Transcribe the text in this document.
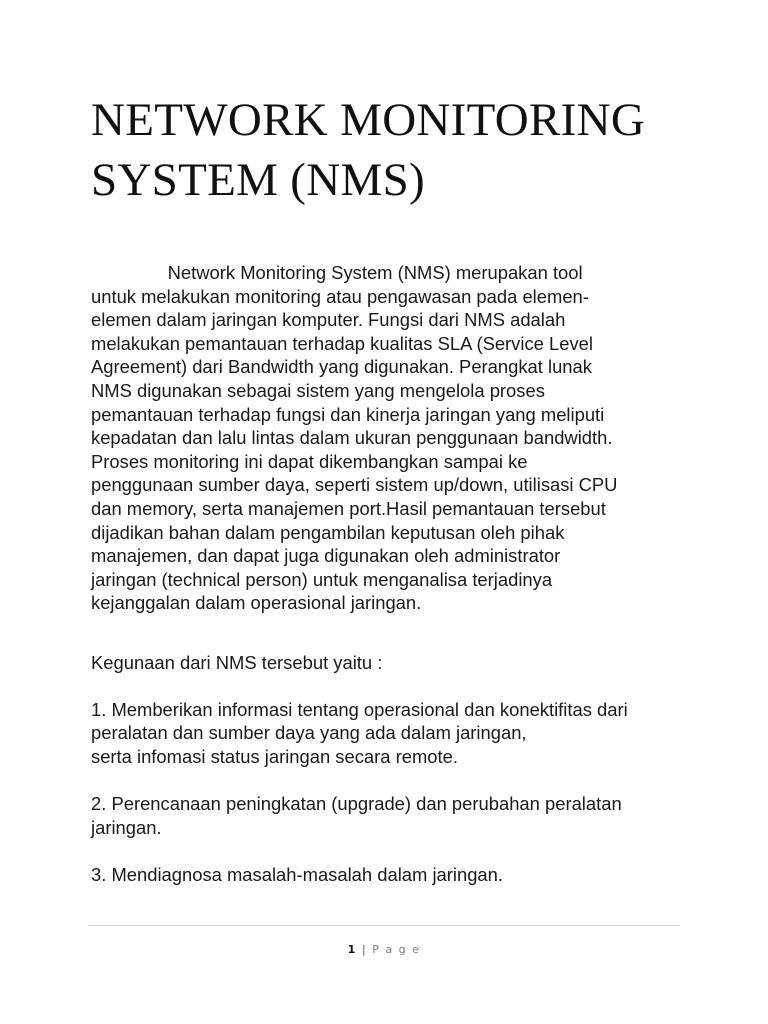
NETWORK MONITORING
SYSTEM (NMS)

Network Monitoring System (NMS) merupakan tool
untuk melakukan monitoring atau pengawasan pada elemen-
elemen dalam jaringan komputer. Fungsi dari NMS adalah
melakukan pemantauan terhadap kualitas SLA (Service Level
Agreement) dari Bandwidth yang digunakan. Perangkat lunak
NMS digunakan sebagai sistem yang mengelola proses
pemantauan terhadap fungsi dan kinerja jaringan yang meliputi
kepadatan dan lalu lintas dalam ukuran penggunaan bandwidth.
Proses monitoring ini dapat dikembangkan sampai ke
penggunaan sumber daya, seperti sistem up/down, utilisasi CPU
dan memory, serta manajemen port.Hasil pemantauan tersebut
dijadikan bahan dalam pengambilan keputusan oleh pihak
manajemen, dan dapat juga digunakan oleh administrator
jaringan (technical person) untuk menganalisa terjadinya
kejanggalan dalam operasional jaringan.

Kegunaan dari NMS tersebut yaitu :

1. Memberikan informasi tentang operasional dan konektifitas dari
peralatan dan sumber daya yang ada dalam jaringan,
serta infomasi status jaringan secara remote.

2. Perencanaan peningkatan (upgrade) dan perubahan peralatan
jaringan.

3. Mendiagnosa masalah-masalah dalam jaringan.

1 | P a g e
